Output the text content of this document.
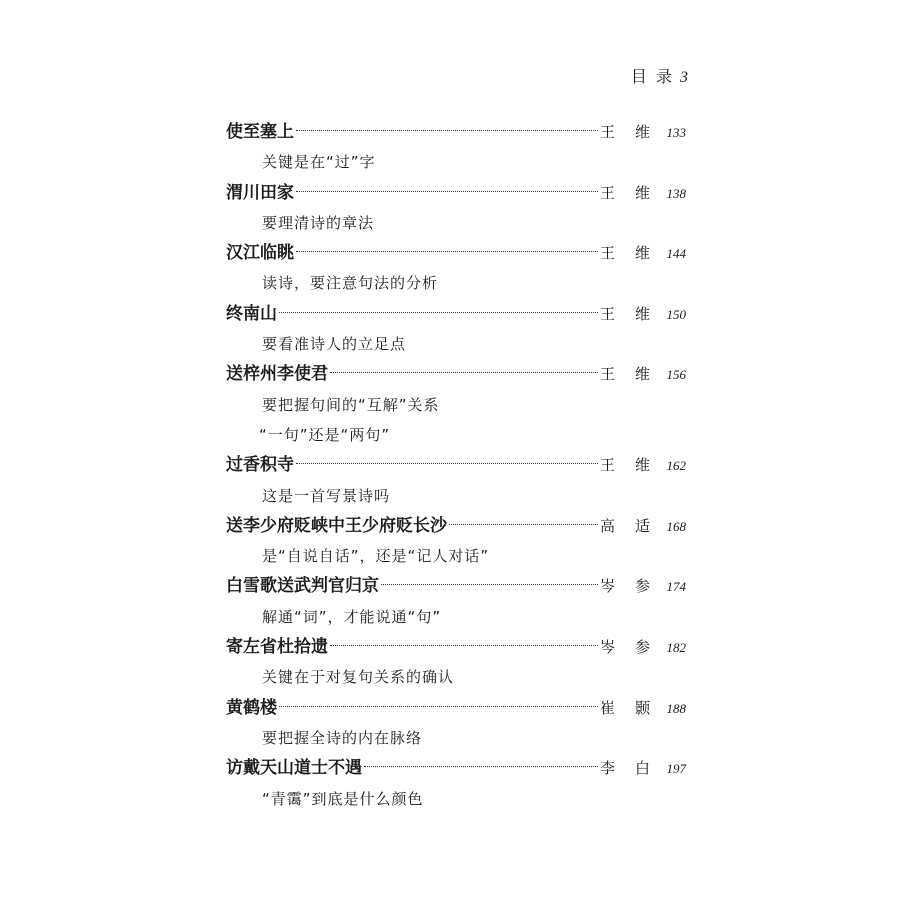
目 录 3
使至塞上	王 维	133
关键是在“过”字
渭川田家	王 维	138
要理清诗的章法
汉江临眺	王 维	144
读诗，要注意句法的分析
终南山	王 维	150
要看准诗人的立足点
送梓州李使君	王 维	156
要把握句间的“互解”关系
“一句”还是“两句”
过香积寺	王 维	162
这是一首写景诗吗
送李少府贬峡中王少府贬长沙	高 适	168
是“自说自话”，还是“记人对话”
白雪歌送武判官归京	岑 参	174
解通“词”，才能说通“句”
寄左省杜拾遗	岑 参	182
关键在于对复句关系的确认
黄鹤楼	崔 颢	188
要把握全诗的内在脉络
访戴天山道士不遇	李 白	197
“青霭”到底是什么颜色
